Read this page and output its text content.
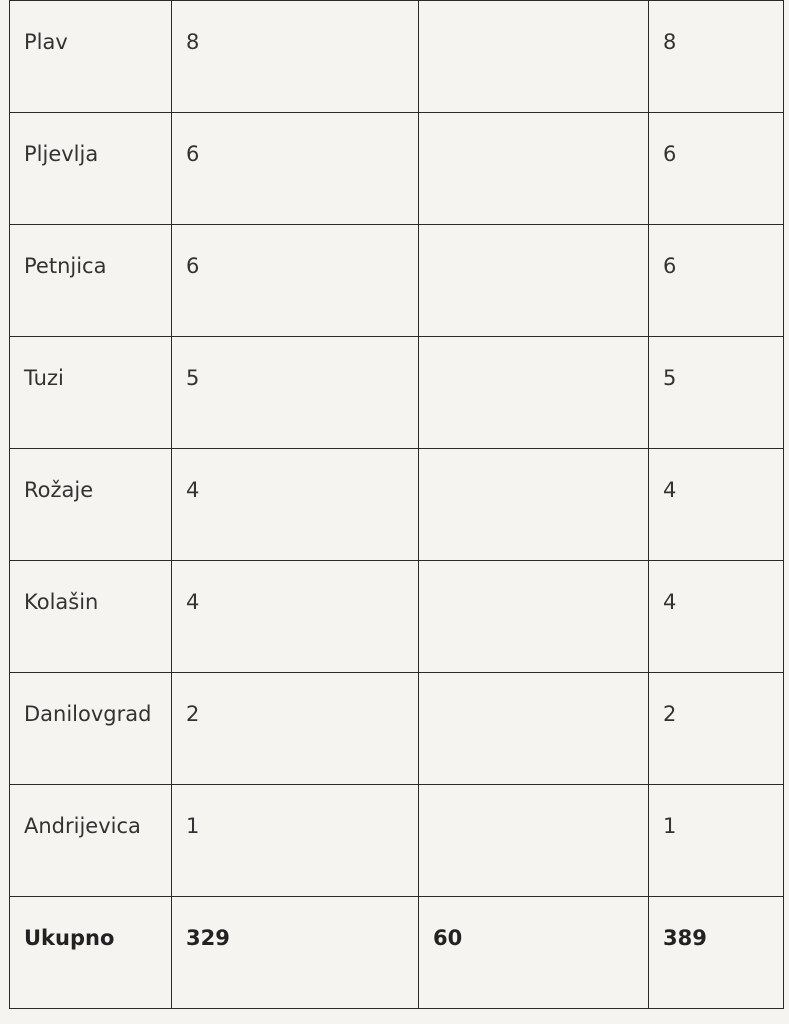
Plav	8		8
Pljevlja	6		6
Petnjica	6		6
Tuzi	5		5
Rožaje	4		4
Kolašin	4		4
Danilovgrad	2		2
Andrijevica	1		1
Ukupno	329	60	389
